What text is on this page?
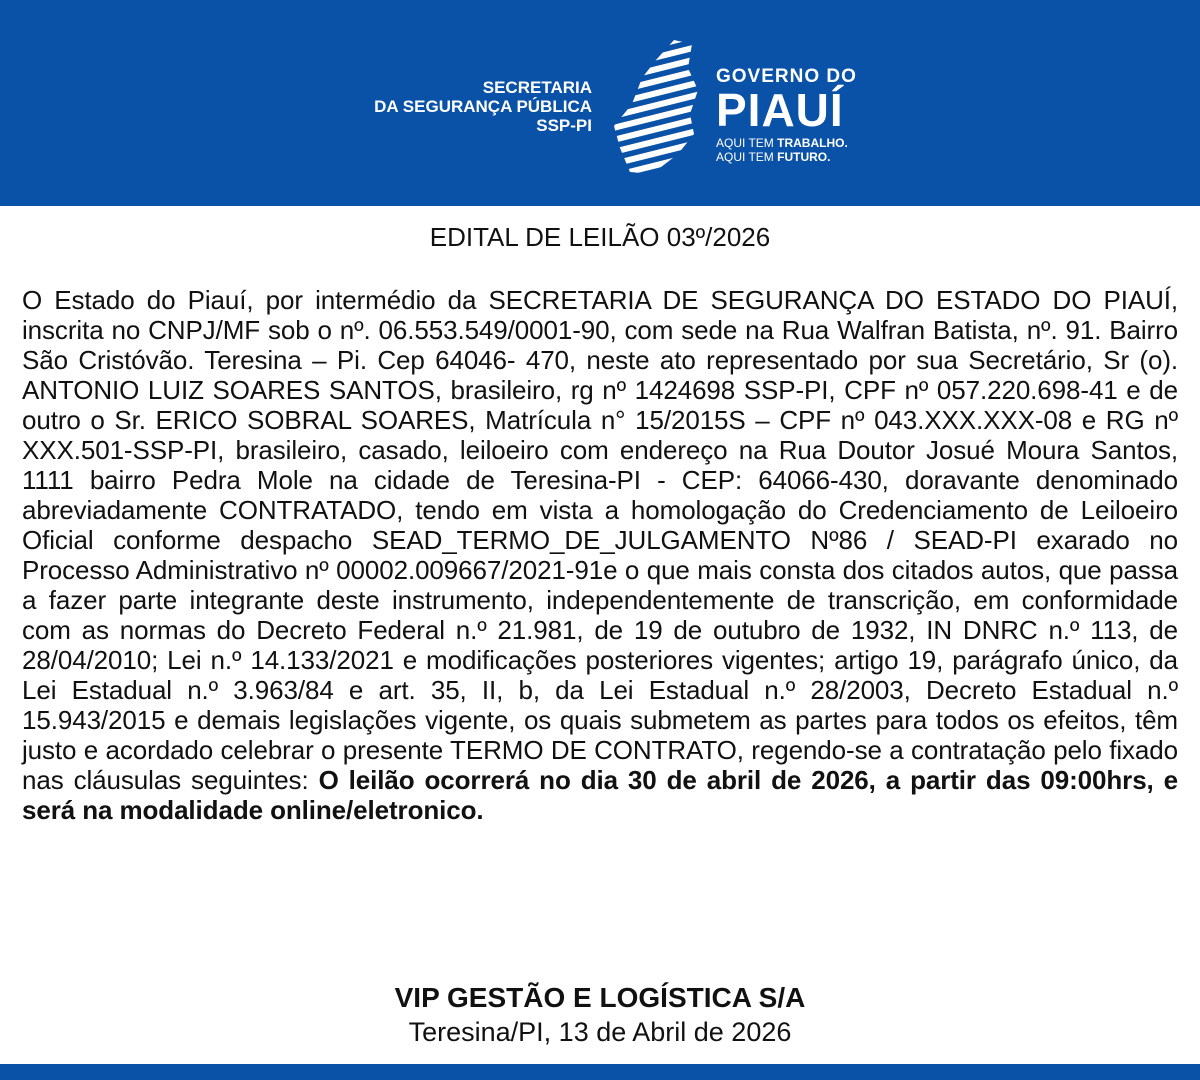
SECRETARIA
DA SEGURANÇA PÚBLICA
SSP-PI
GOVERNO DO
PIAUÍ
AQUI TEM TRABALHO.
AQUI TEM FUTURO.
EDITAL DE LEILÃO 03º/2026
O Estado do Piauí, por intermédio da SECRETARIA DE SEGURANÇA DO ESTADO DO PIAUÍ, inscrita no CNPJ/MF sob o nº. 06.553.549/0001-90, com sede na Rua Walfran Batista, nº. 91. Bairro São Cristóvão. Teresina – Pi. Cep 64046- 470, neste ato representado por sua Secretário, Sr (o). ANTONIO LUIZ SOARES SANTOS, brasileiro, rg nº 1424698 SSP-PI, CPF nº 057.220.698-41 e de outro o Sr. ERICO SOBRAL SOARES, Matrícula n° 15/2015S – CPF nº 043.XXX.XXX-08 e RG nº XXX.501-SSP-PI, brasileiro, casado, leiloeiro com endereço na Rua Doutor Josué Moura Santos, 1111 bairro Pedra Mole na cidade de Teresina-PI - CEP: 64066-430, doravante denominado abreviadamente CONTRATADO, tendo em vista a homologação do Credenciamento de Leiloeiro Oficial conforme despacho SEAD_TERMO_DE_JULGAMENTO Nº86 / SEAD-PI exarado no Processo Administrativo nº 00002.009667/2021-91e o que mais consta dos citados autos, que passa a fazer parte integrante deste instrumento, independentemente de transcrição, em conformidade com as normas do Decreto Federal n.º 21.981, de 19 de outubro de 1932, IN DNRC n.º 113, de 28/04/2010; Lei n.º 14.133/2021 e modificações posteriores vigentes; artigo 19, parágrafo único, da Lei Estadual n.º 3.963/84 e art. 35, II, b, da Lei Estadual n.º 28/2003, Decreto Estadual n.º 15.943/2015 e demais legislações vigente, os quais submetem as partes para todos os efeitos, têm justo e acordado celebrar o presente TERMO DE CONTRATO, regendo-se a contratação pelo fixado nas cláusulas seguintes: O leilão ocorrerá no dia 30 de abril de 2026, a partir das 09:00hrs, e será na modalidade online/eletronico.
VIP GESTÃO E LOGÍSTICA S/A
Teresina/PI, 13 de Abril de 2026
